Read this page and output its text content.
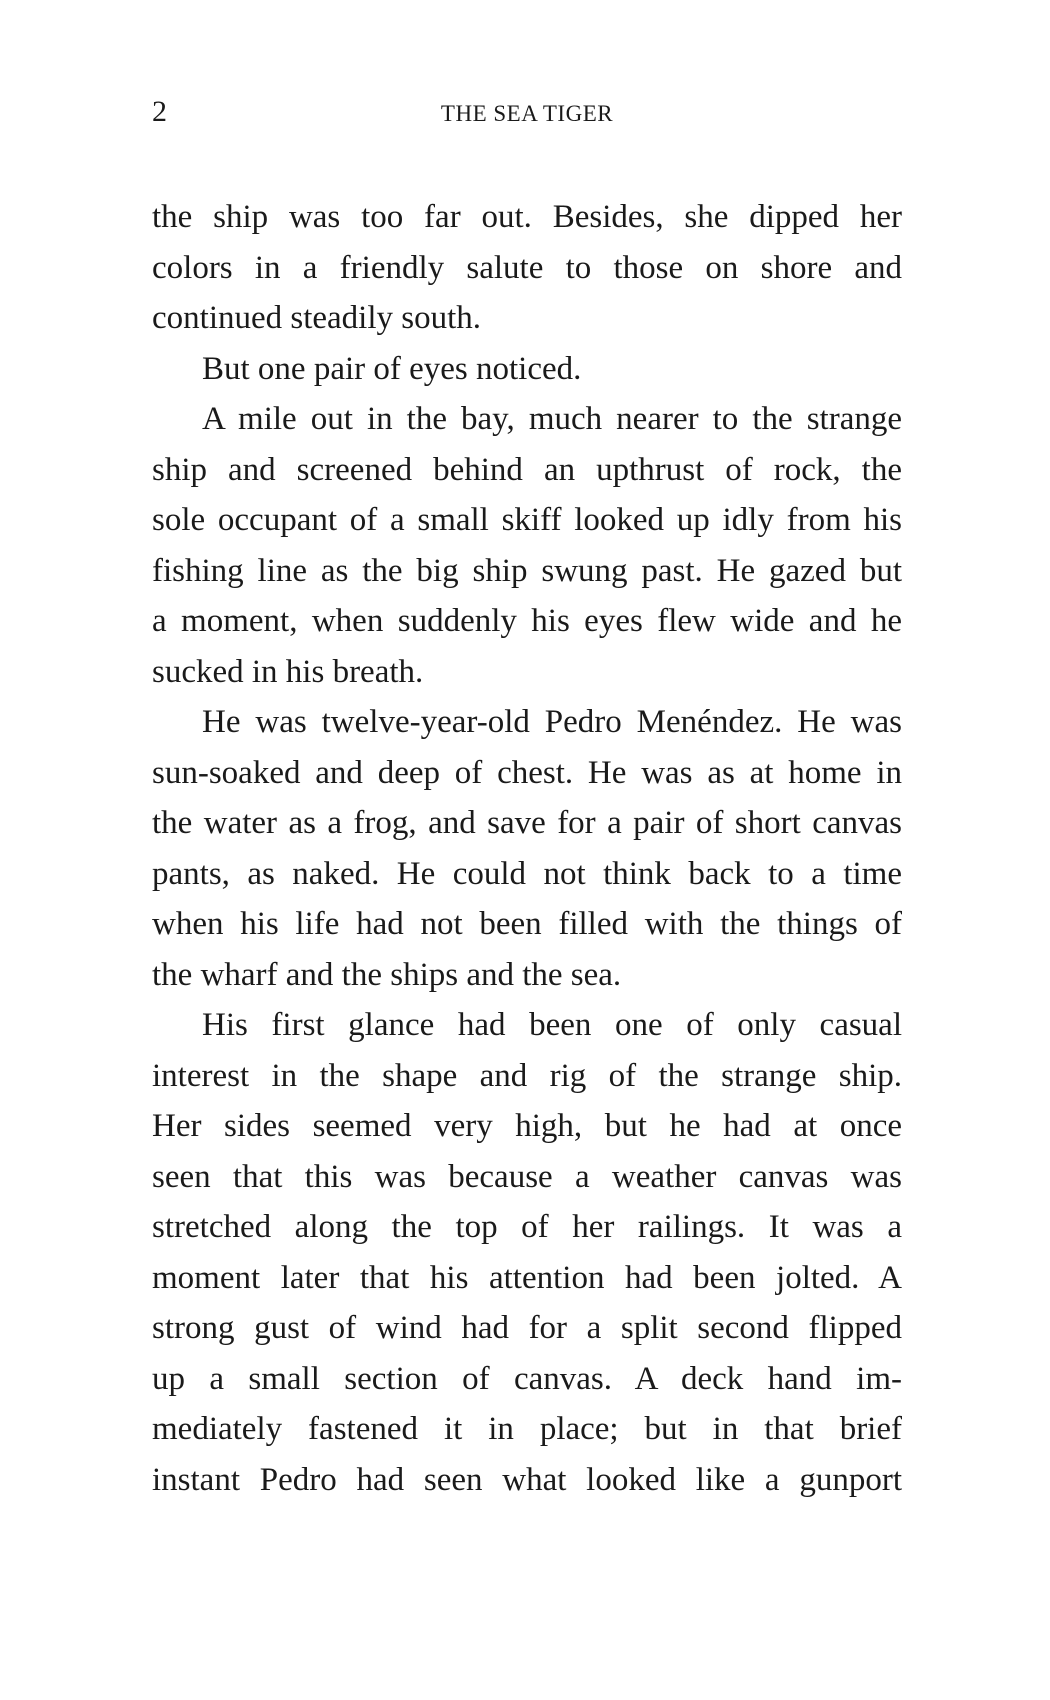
2	THE SEA TIGER
the ship was too far out. Besides, she dipped her
colors in a friendly salute to those on shore and
continued steadily south.
But one pair of eyes noticed.
A mile out in the bay, much nearer to the strange
ship and screened behind an upthrust of rock, the
sole occupant of a small skiff looked up idly from his
fishing line as the big ship swung past. He gazed but
a moment, when suddenly his eyes flew wide and he
sucked in his breath.
He was twelve-year-old Pedro Menéndez. He was
sun-soaked and deep of chest. He was as at home in
the water as a frog, and save for a pair of short canvas
pants, as naked. He could not think back to a time
when his life had not been filled with the things of
the wharf and the ships and the sea.
His first glance had been one of only casual
interest in the shape and rig of the strange ship.
Her sides seemed very high, but he had at once
seen that this was because a weather canvas was
stretched along the top of her railings. It was a
moment later that his attention had been jolted. A
strong gust of wind had for a split second flipped
up a small section of canvas. A deck hand im-
mediately fastened it in place; but in that brief
instant Pedro had seen what looked like a gunport
